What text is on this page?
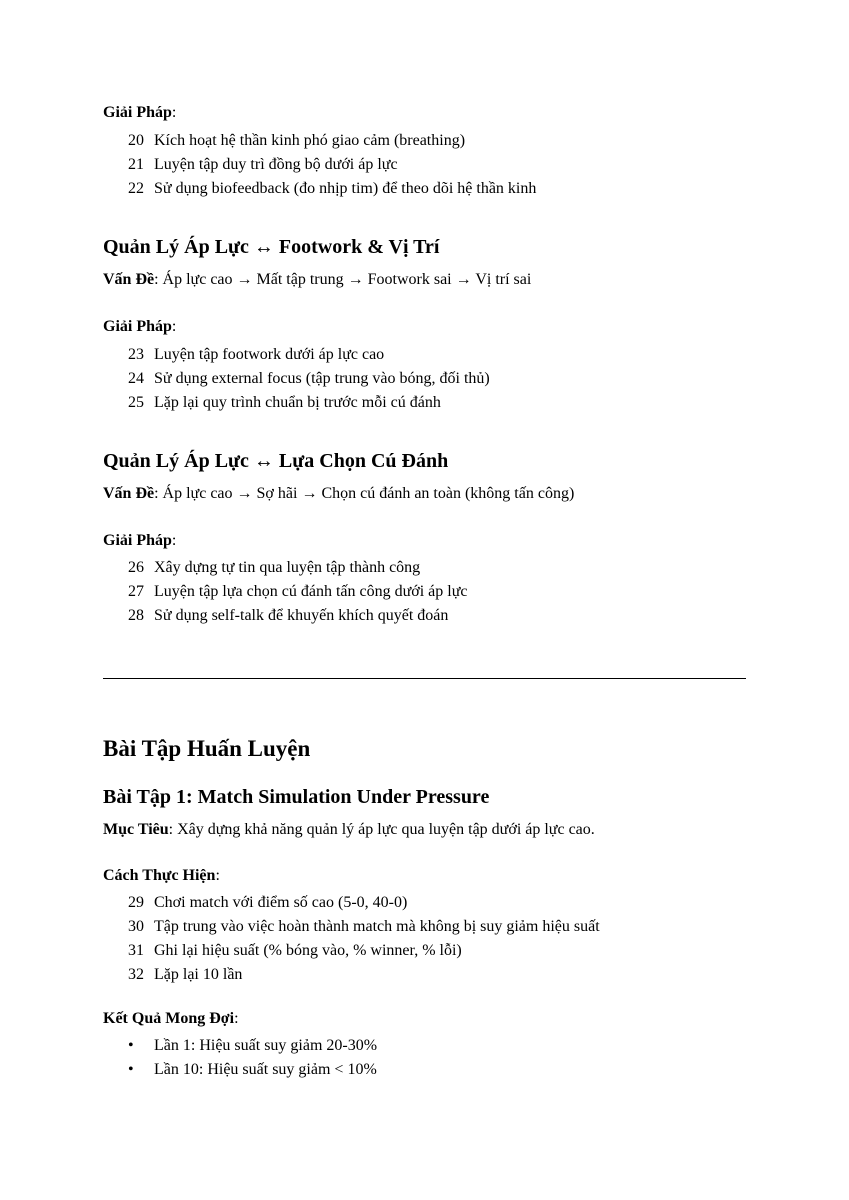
Giải Pháp:
20 Kích hoạt hệ thần kinh phó giao cảm (breathing)
21 Luyện tập duy trì đồng bộ dưới áp lực
22 Sử dụng biofeedback (đo nhịp tim) để theo dõi hệ thần kinh
Quản Lý Áp Lực ↔ Footwork & Vị Trí
Vấn Đề: Áp lực cao → Mất tập trung → Footwork sai → Vị trí sai
Giải Pháp:
23 Luyện tập footwork dưới áp lực cao
24 Sử dụng external focus (tập trung vào bóng, đối thủ)
25 Lặp lại quy trình chuẩn bị trước mỗi cú đánh
Quản Lý Áp Lực ↔ Lựa Chọn Cú Đánh
Vấn Đề: Áp lực cao → Sợ hãi → Chọn cú đánh an toàn (không tấn công)
Giải Pháp:
26 Xây dựng tự tin qua luyện tập thành công
27 Luyện tập lựa chọn cú đánh tấn công dưới áp lực
28 Sử dụng self-talk để khuyến khích quyết đoán
Bài Tập Huấn Luyện
Bài Tập 1: Match Simulation Under Pressure
Mục Tiêu: Xây dựng khả năng quản lý áp lực qua luyện tập dưới áp lực cao.
Cách Thực Hiện:
29 Chơi match với điểm số cao (5-0, 40-0)
30 Tập trung vào việc hoàn thành match mà không bị suy giảm hiệu suất
31 Ghi lại hiệu suất (% bóng vào, % winner, % lỗi)
32 Lặp lại 10 lần
Kết Quả Mong Đợi:
• Lần 1: Hiệu suất suy giảm 20-30%
• Lần 10: Hiệu suất suy giảm < 10%
